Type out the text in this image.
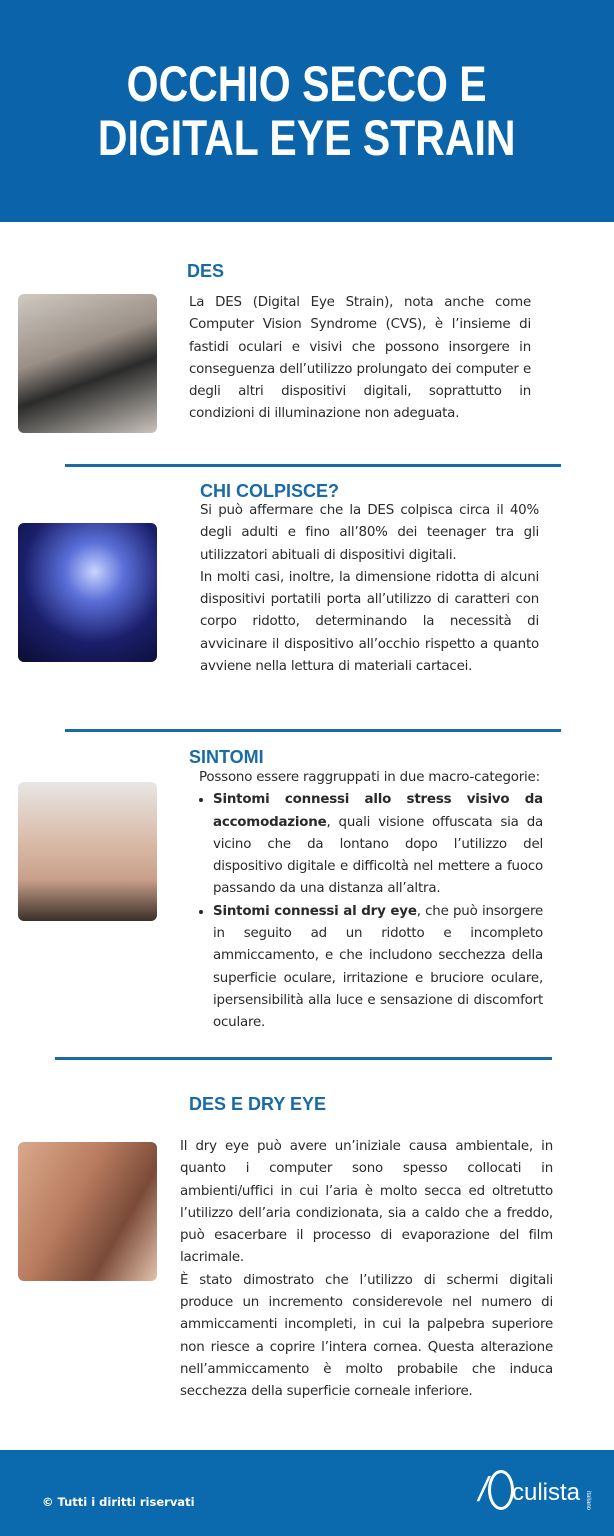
OCCHIO SECCO E
DIGITAL EYE STRAIN
DES

La DES (Digital Eye Strain), nota anche come Computer Vision Syndrome (CVS), è l’insieme di fastidi oculari e visivi che possono insorgere in conseguenza dell’utilizzo prolungato dei computer e degli altri dispositivi digitali, soprattutto in condizioni di illuminazione non adeguata.

CHI COLPISCE?

Si può affermare che la DES colpisca circa il 40% degli adulti e fino all’80% dei teenager tra gli utilizzatori abituali di dispositivi digitali.

In molti casi, inoltre, la dimensione ridotta di alcuni dispositivi portatili porta all’utilizzo di caratteri con corpo ridotto, determinando la necessità di avvicinare il dispositivo all’occhio rispetto a quanto avviene nella lettura di materiali cartacei.

SINTOMI

Possono essere raggruppati in due macro-categorie:

• Sintomi connessi allo stress visivo da accomodazione, quali visione offuscata sia da vicino che da lontano dopo l’utilizzo del dispositivo digitale e difficoltà nel mettere a fuoco passando da una distanza all’altra.
• Sintomi connessi al dry eye, che può insorgere in seguito ad un ridotto e incompleto ammiccamento, e che includono secchezza della superficie oculare, irritazione e bruciore oculare, ipersensibilità alla luce e sensazione di discomfort oculare.
DES E DRY EYE

Il dry eye può avere un’iniziale causa ambientale, in quanto i computer sono spesso collocati in ambienti/uffici in cui l’aria è molto secca ed oltretutto l’utilizzo dell’aria condizionata, sia a caldo che a freddo, può esacerbare il processo di evaporazione del film lacrimale.

È stato dimostrato che l’utilizzo di schermi digitali produce un incremento considerevole nel numero di ammiccamenti incompleti, in cui la palpebra superiore non riesce a coprire l’intera cornea. Questa alterazione nell’ammiccamento è molto probabile che induca secchezza della superficie corneale inferiore.

© Tutti i diritti riservati	/ culista italiano
